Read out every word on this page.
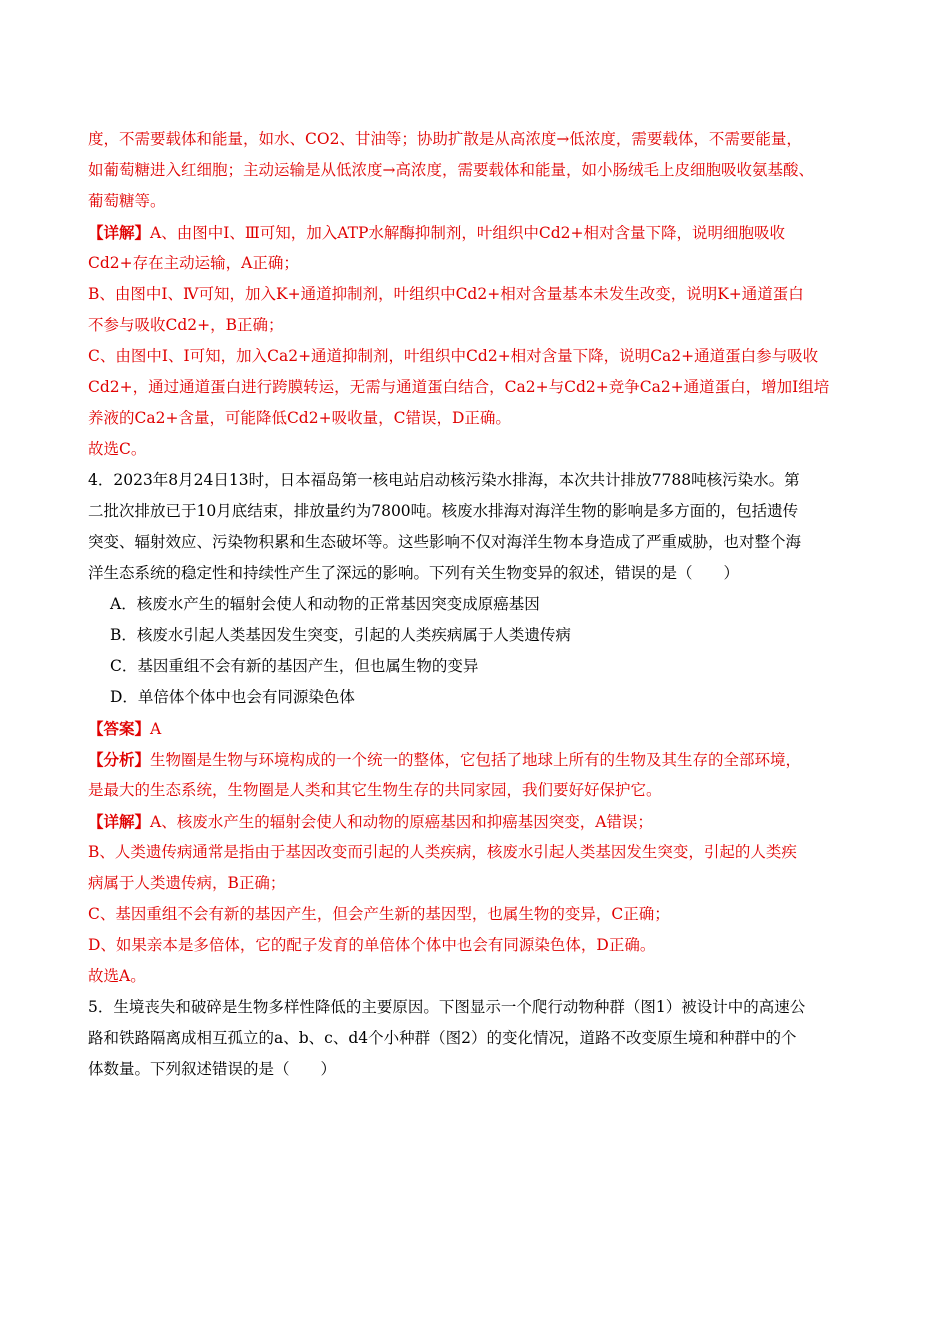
度，不需要载体和能量，如水、CO2、甘油等；协助扩散是从高浓度→低浓度，需要载体，不需要能量，
如葡萄糖进入红细胞；主动运输是从低浓度→高浓度，需要载体和能量，如小肠绒毛上皮细胞吸收氨基酸、
葡萄糖等。
【详解】A、由图中Ⅰ、Ⅲ可知，加入ATP水解酶抑制剂，叶组织中Cd2+相对含量下降，说明细胞吸收
Cd2+存在主动运输，A正确；
B、由图中Ⅰ、Ⅳ可知，加入K+通道抑制剂，叶组织中Cd2+相对含量基本未发生改变，说明K+通道蛋白
不参与吸收Cd2+，B正确；
C、由图中Ⅰ、Ⅰ可知，加入Ca2+通道抑制剂，叶组织中Cd2+相对含量下降，说明Ca2+通道蛋白参与吸收
Cd2+，通过通道蛋白进行跨膜转运，无需与通道蛋白结合，Ca2+与Cd2+竞争Ca2+通道蛋白，增加Ⅰ组培
养液的Ca2+含量，可能降低Cd2+吸收量，C错误，D正确。
故选C。
4．2023年8月24日13时，日本福岛第一核电站启动核污染水排海，本次共计排放7788吨核污染水。第
二批次排放已于10月底结束，排放量约为7800吨。核废水排海对海洋生物的影响是多方面的，包括遗传
突变、辐射效应、污染物积累和生态破坏等。这些影响不仅对海洋生物本身造成了严重威胁，也对整个海
洋生态系统的稳定性和持续性产生了深远的影响。下列有关生物变异的叙述，错误的是（　　）
A．核废水产生的辐射会使人和动物的正常基因突变成原癌基因
B．核废水引起人类基因发生突变，引起的人类疾病属于人类遗传病
C．基因重组不会有新的基因产生，但也属生物的变异
D．单倍体个体中也会有同源染色体
【答案】A
【分析】生物圈是生物与环境构成的一个统一的整体，它包括了地球上所有的生物及其生存的全部环境，
是最大的生态系统，生物圈是人类和其它生物生存的共同家园，我们要好好保护它。
【详解】A、核废水产生的辐射会使人和动物的原癌基因和抑癌基因突变，A错误；
B、人类遗传病通常是指由于基因改变而引起的人类疾病，核废水引起人类基因发生突变，引起的人类疾
病属于人类遗传病，B正确；
C、基因重组不会有新的基因产生，但会产生新的基因型，也属生物的变异，C正确；
D、如果亲本是多倍体，它的配子发育的单倍体个体中也会有同源染色体，D正确。
故选A。
5．生境丧失和破碎是生物多样性降低的主要原因。下图显示一个爬行动物种群（图1）被设计中的高速公
路和铁路隔离成相互孤立的a、b、c、d4个小种群（图2）的变化情况，道路不改变原生境和种群中的个
体数量。下列叙述错误的是（　　）
